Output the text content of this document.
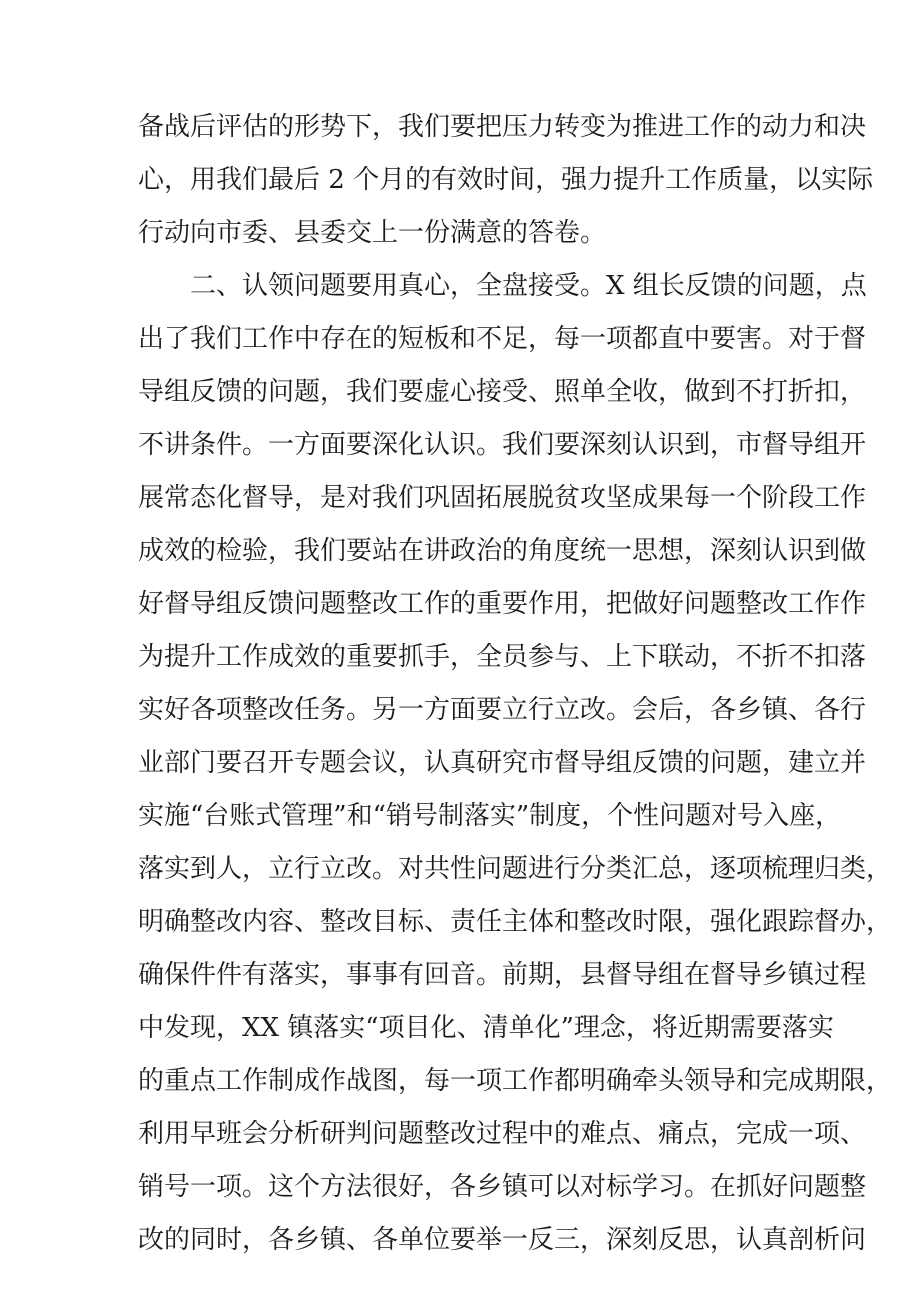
备战后评估的形势下，我们要把压力转变为推进工作的动力和决
心，用我们最后 2 个月的有效时间，强力提升工作质量，以实际
行动向市委、县委交上一份满意的答卷。
二、认领问题要用真心，全盘接受。X 组长反馈的问题，点
出了我们工作中存在的短板和不足，每一项都直中要害。对于督
导组反馈的问题，我们要虚心接受、照单全收，做到不打折扣，
不讲条件。一方面要深化认识。我们要深刻认识到，市督导组开
展常态化督导，是对我们巩固拓展脱贫攻坚成果每一个阶段工作
成效的检验，我们要站在讲政治的角度统一思想，深刻认识到做
好督导组反馈问题整改工作的重要作用，把做好问题整改工作作
为提升工作成效的重要抓手，全员参与、上下联动，不折不扣落
实好各项整改任务。另一方面要立行立改。会后，各乡镇、各行
业部门要召开专题会议，认真研究市督导组反馈的问题，建立并
实施“台账式管理”和“销号制落实”制度，个性问题对号入座，
落实到人，立行立改。对共性问题进行分类汇总，逐项梳理归类，
明确整改内容、整改目标、责任主体和整改时限，强化跟踪督办，
确保件件有落实，事事有回音。前期，县督导组在督导乡镇过程
中发现，XX 镇落实“项目化、清单化”理念，将近期需要落实
的重点工作制成作战图，每一项工作都明确牵头领导和完成期限，
利用早班会分析研判问题整改过程中的难点、痛点，完成一项、
销号一项。这个方法很好，各乡镇可以对标学习。在抓好问题整
改的同时，各乡镇、各单位要举一反三，深刻反思，认真剖析问
